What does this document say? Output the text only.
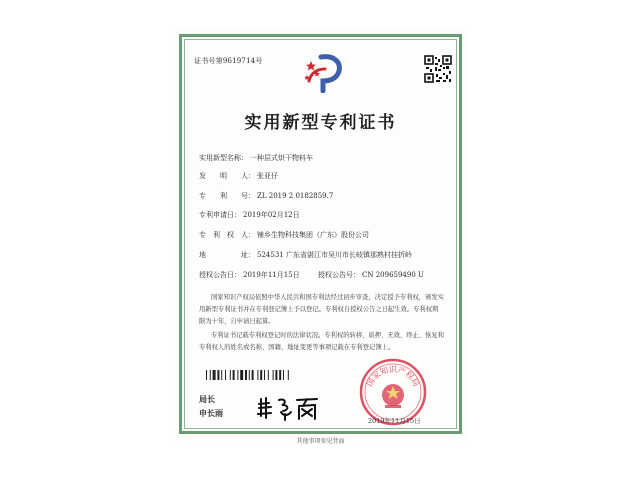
证书号第9619714号
实用新型专利证书
实用新型名称： 一种层式烘干物料车
发　　明　　人： 张亚仔
专　　利　　号： ZL 2019 2 0182859.7
专利申请日： 2019年02月12日
专　利　权　人： 铺乡生物科技集团（广东）股份公司
地　　　　　址： 524531 广东省湛江市吴川市长岐镇那熟村挂折岭
授权公告日： 2019年11月15日	授权公告号： CN 209659490 U
国家知识产权局依照中华人民共和国专利法经过初步审查，决定授予专利权，颁发实用新型专利证书并在专利登记簿上予以登记。专利权自授权公告之日起生效。专利权期限为十年，自申请日起算。
专利证书记载专利权登记时的法律状况。专利权的转移、质押、无效、终止、恢复和专利权人的姓名或名称、国籍、地址变更等事项记载在专利登记簿上。
局长
申长雨
国家知识产权局
2019年11月15日
其他事项参见背面
